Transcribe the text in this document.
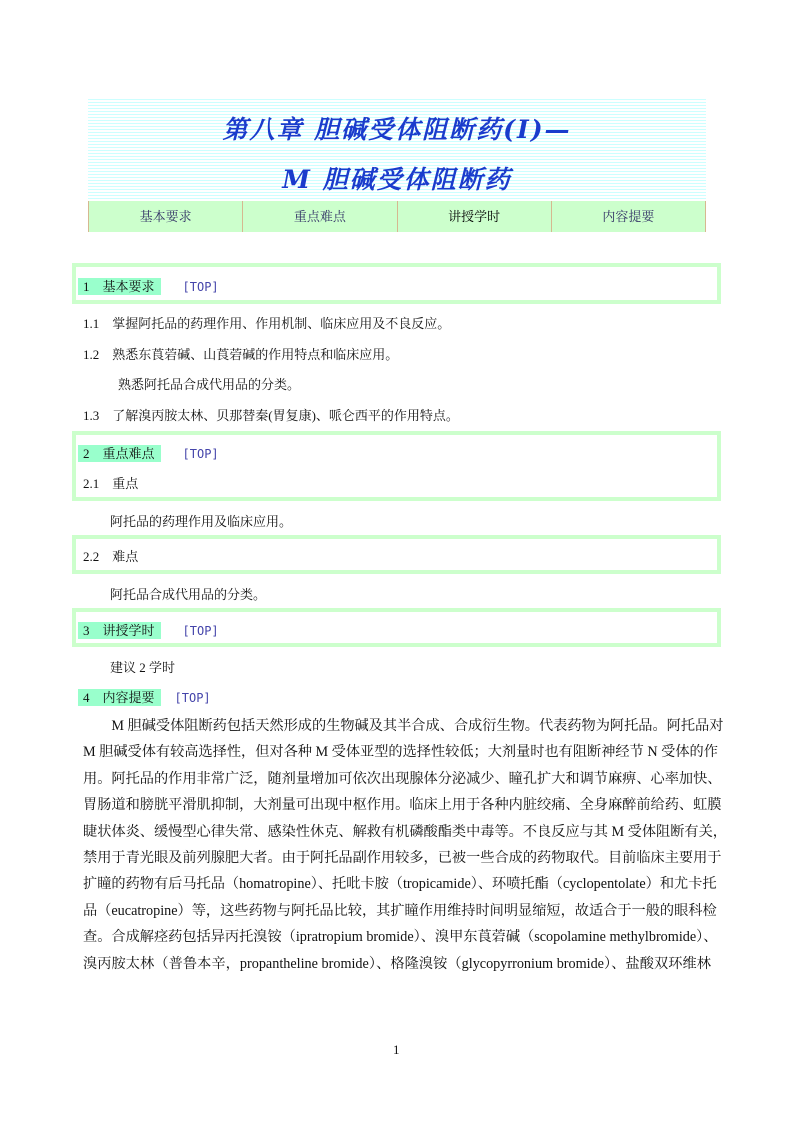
第八章 胆碱受体阻断药(Ⅰ)—
M 胆碱受体阻断药
基本要求	重点难点	讲授学时	内容提要
1　基本要求 [TOP]
1.1　掌握阿托品的药理作用、作用机制、临床应用及不良反应。
1.2　熟悉东莨菪碱、山莨菪碱的作用特点和临床应用。
熟悉阿托品合成代用品的分类。
1.3　了解溴丙胺太林、贝那替秦(胃复康)、哌仑西平的作用特点。
2　重点难点 [TOP]
2.1　重点
阿托品的药理作用及临床应用。
2.2　难点
阿托品合成代用品的分类。
3　讲授学时 [TOP]
建议 2 学时
4　内容提要 [TOP]
　　M 胆碱受体阻断药包括天然形成的生物碱及其半合成、合成衍生物。代表药物为阿托品。阿托品对
M 胆碱受体有较高选择性，但对各种 M 受体亚型的选择性较低；大剂量时也有阻断神经节 N 受体的作
用。阿托品的作用非常广泛，随剂量增加可依次出现腺体分泌减少、瞳孔扩大和调节麻痹、心率加快、
胃肠道和膀胱平滑肌抑制，大剂量可出现中枢作用。临床上用于各种内脏绞痛、全身麻醉前给药、虹膜
睫状体炎、缓慢型心律失常、感染性休克、解救有机磷酸酯类中毒等。不良反应与其 M 受体阻断有关，
禁用于青光眼及前列腺肥大者。由于阿托品副作用较多，已被一些合成的药物取代。目前临床主要用于
扩瞳的药物有后马托品（homatropine）、托吡卡胺（tropicamide）、环喷托酯（cyclopentolate）和尤卡托
品（eucatropine）等，这些药物与阿托品比较，其扩瞳作用维持时间明显缩短，故适合于一般的眼科检
查。合成解痉药包括异丙托溴铵（ipratropium bromide）、溴甲东莨菪碱（scopolamine methylbromide）、
溴丙胺太林（普鲁本辛，propantheline bromide）、格隆溴铵（glycopyrronium bromide）、盐酸双环维林
1
